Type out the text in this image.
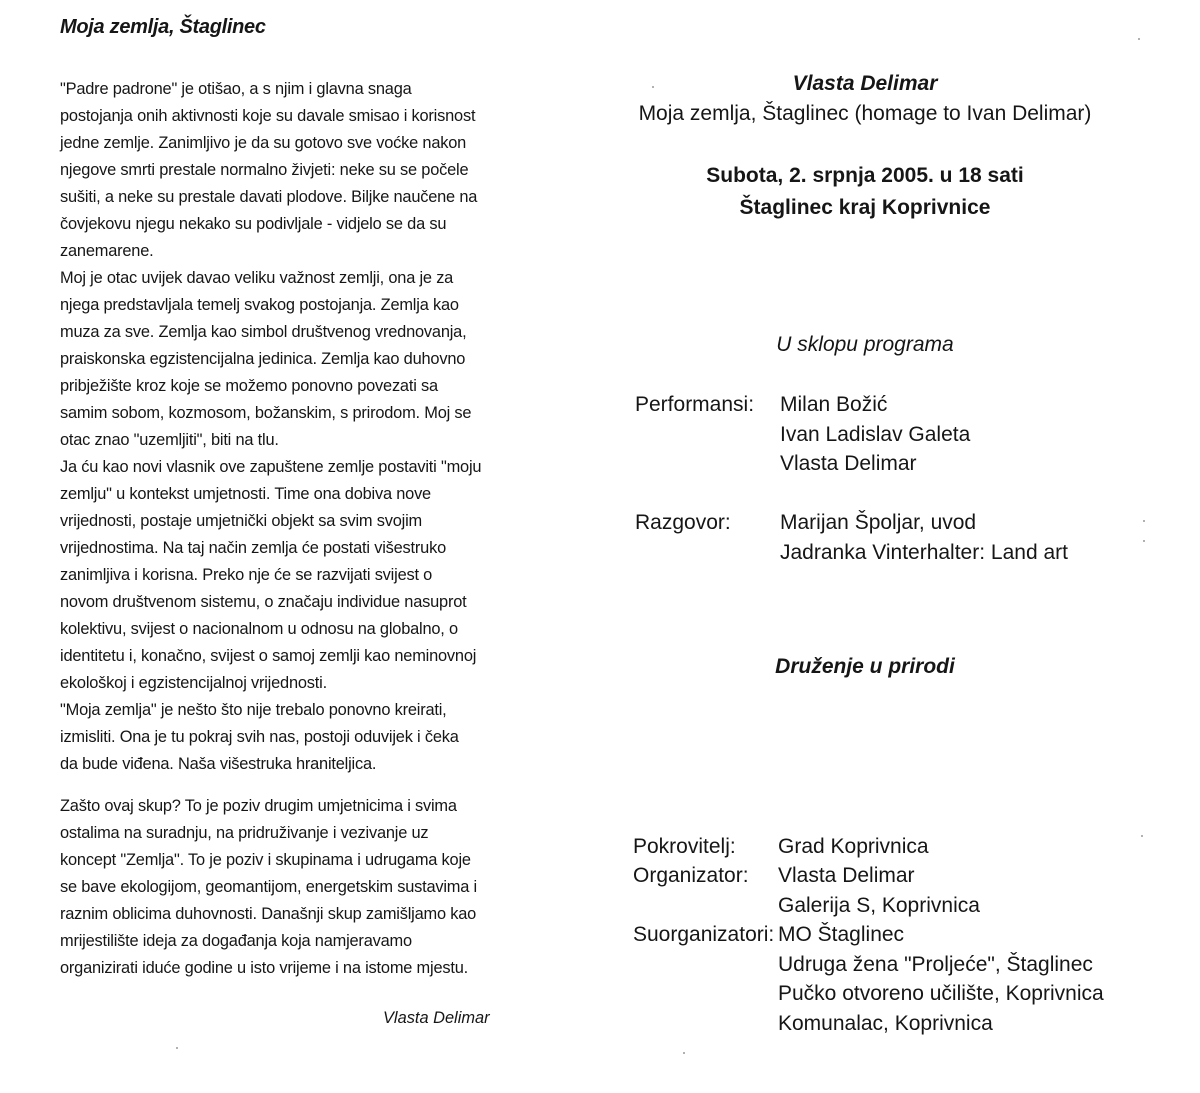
Moja zemlja, Štaglinec
"Padre padrone" je otišao, a s njim i glavna snaga
postojanja onih aktivnosti koje su davale smisao i korisnost
jedne zemlje. Zanimljivo je da su gotovo sve voćke nakon
njegove smrti prestale normalno živjeti: neke su se počele
sušiti, a neke su prestale davati plodove. Biljke naučene na
čovjekovu njegu nekako su podivljale - vidjelo se da su
zanemarene.
Moj je otac uvijek davao veliku važnost zemlji, ona je za
njega predstavljala temelj svakog postojanja. Zemlja kao
muza za sve. Zemlja kao simbol društvenog vrednovanja,
praiskonska egzistencijalna jedinica. Zemlja kao duhovno
pribježište kroz koje se možemo ponovno povezati sa
samim sobom, kozmosom, božanskim, s prirodom. Moj se
otac znao "uzemljiti", biti na tlu.
Ja ću kao novi vlasnik ove zapuštene zemlje postaviti "moju
zemlju" u kontekst umjetnosti. Time ona dobiva nove
vrijednosti, postaje umjetnički objekt sa svim svojim
vrijednostima. Na taj način zemlja će postati višestruko
zanimljiva i korisna. Preko nje će se razvijati svijest o
novom društvenom sistemu, o značaju individue nasuprot
kolektivu, svijest o nacionalnom u odnosu na globalno, o
identitetu i, konačno, svijest o samoj zemlji kao neminovnoj
ekološkoj i egzistencijalnoj vrijednosti.
"Moja zemlja" je nešto što nije trebalo ponovno kreirati,
izmisliti. Ona je tu pokraj svih nas, postoji oduvijek i čeka
da bude viđena. Naša višestruka hraniteljica.
Zašto ovaj skup? To je poziv drugim umjetnicima i svima
ostalima na suradnju, na pridruživanje i vezivanje uz
koncept "Zemlja". To je poziv i skupinama i udrugama koje
se bave ekologijom, geomantijom, energetskim sustavima i
raznim oblicima duhovnosti. Današnji skup zamišljamo kao
mrijestilište ideja za događanja koja namjeravamo
organizirati iduće godine u isto vrijeme i na istome mjestu.
Vlasta Delimar
Vlasta Delimar
Moja zemlja, Štaglinec (homage to Ivan Delimar)
Subota, 2. srpnja 2005. u 18 sati
Štaglinec kraj Koprivnice
U sklopu programa
Performansi: Milan Božić
Ivan Ladislav Galeta
Vlasta Delimar
Razgovor: Marijan Špoljar, uvod
Jadranka Vinterhalter: Land art
Druženje u prirodi
Pokrovitelj: Grad Koprivnica
Organizator: Vlasta Delimar
Galerija S, Koprivnica
Suorganizatori: MO Štaglinec
Udruga žena "Proljeće", Štaglinec
Pučko otvoreno učilište, Koprivnica
Komunalac, Koprivnica
